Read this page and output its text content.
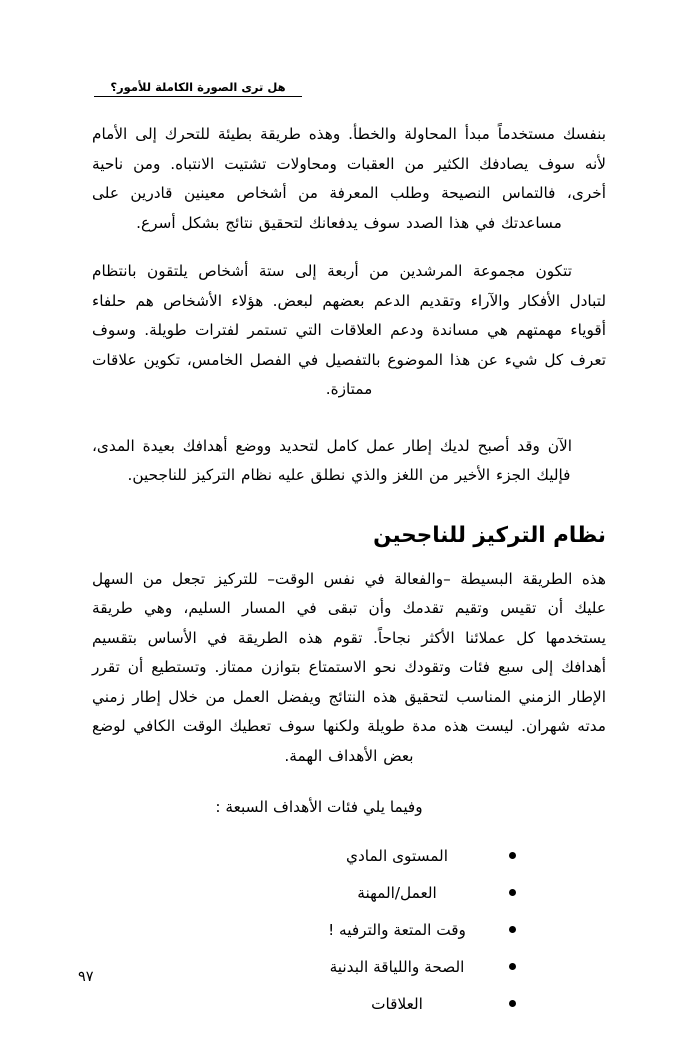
هل ترى الصورة الكاملة للأمور؟

بنفسك مستخدماً مبدأ المحاولة والخطأ. وهذه طريقة بطيئة للتحرك إلى الأمام لأنه سوف يصادفك الكثير من العقبات ومحاولات تشتيت الانتباه. ومن ناحية أخرى، فالتماس النصيحة وطلب المعرفة من أشخاص معينين قادرين على مساعدتك في هذا الصدد سوف يدفعانك لتحقيق نتائج بشكل أسرع.

تتكون مجموعة المرشدين من أربعة إلى ستة أشخاص يلتقون بانتظام لتبادل الأفكار والآراء وتقديم الدعم بعضهم لبعض. هؤلاء الأشخاص هم حلفاء أقوياء مهمتهم هي مساندة ودعم العلاقات التي تستمر لفترات طويلة. وسوف تعرف كل شيء عن هذا الموضوع بالتفصيل في الفصل الخامس، تكوين علاقات ممتازة.

الآن وقد أصبح لديك إطار عمل كامل لتحديد ووضع أهدافك بعيدة المدى، فإليك الجزء الأخير من اللغز والذي نطلق عليه نظام التركيز للناجحين.

نظام التركيز للناجحين

هذه الطريقة البسيطة –والفعالة في نفس الوقت– للتركيز تجعل من السهل عليك أن تقيس وتقيم تقدمك وأن تبقى في المسار السليم، وهي طريقة يستخدمها كل عملائنا الأكثر نجاحاً. تقوم هذه الطريقة في الأساس بتقسيم أهدافك إلى سبع فئات وتقودك نحو الاستمتاع بتوازن ممتاز. وتستطيع أن تقرر الإطار الزمني المناسب لتحقيق هذه النتائج ويفضل العمل من خلال إطار زمني مدته شهران. ليست هذه مدة طويلة ولكنها سوف تعطيك الوقت الكافي لوضع بعض الأهداف الهمة.

وفيما يلي فئات الأهداف السبعة :

المستوى المادي
العمل/المهنة
وقت المتعة والترفيه !
الصحة واللياقة البدنية
العلاقات
٩٧
